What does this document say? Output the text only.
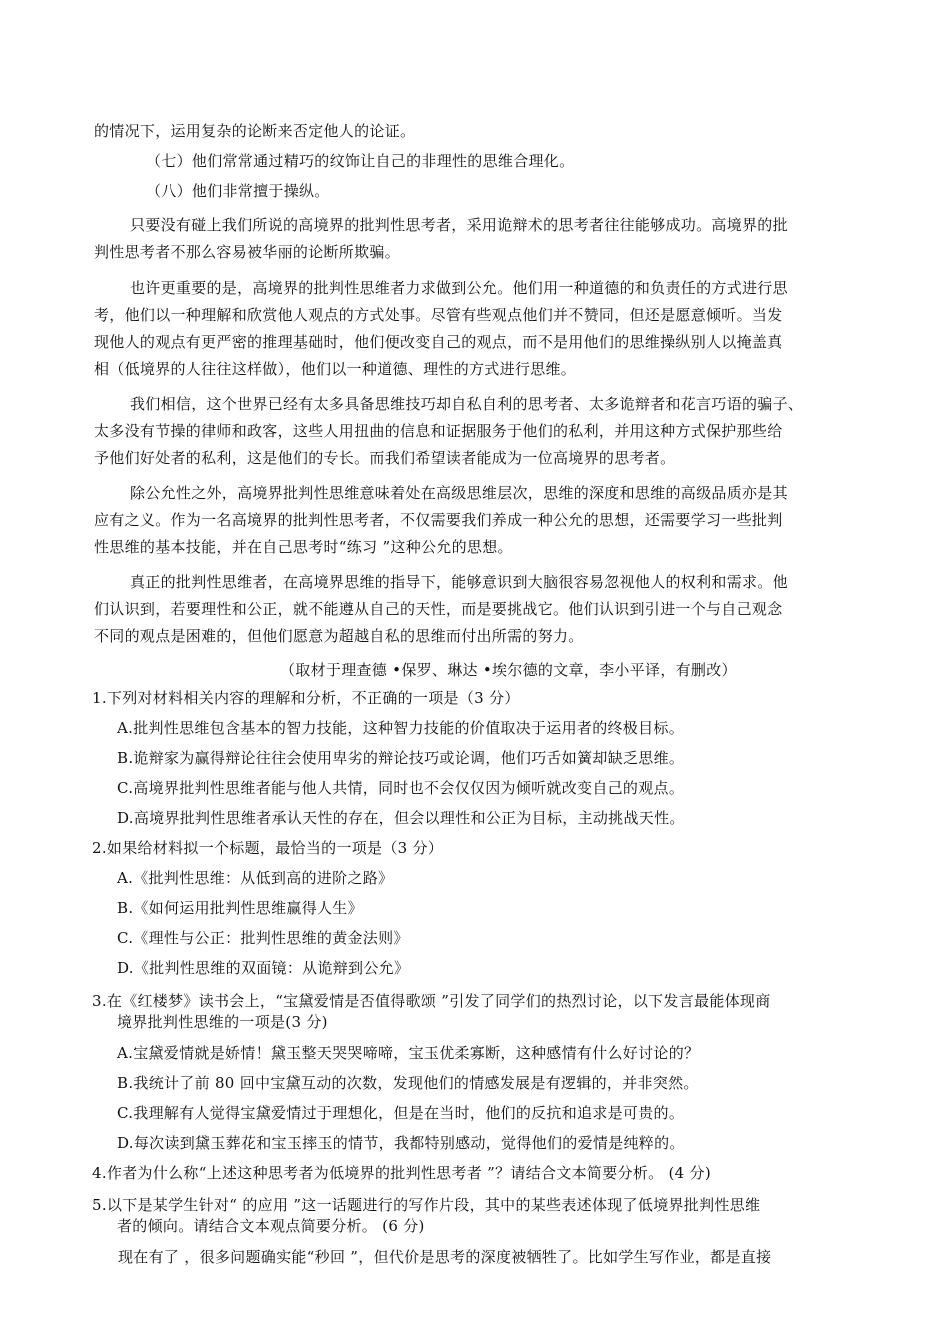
的情况下，运用复杂的论断来否定他人的论证。
（七）他们常常通过精巧的纹饰让自己的非理性的思维合理化。
（八）他们非常擅于操纵。
只要没有碰上我们所说的高境界的批判性思考者，采用诡辩术的思考者往往能够成功。高境界的批
判性思考者不那么容易被华丽的论断所欺骗。
也许更重要的是，高境界的批判性思维者力求做到公允。他们用一种道德的和负责任的方式进行思
考，他们以一种理解和欣赏他人观点的方式处事。尽管有些观点他们并不赞同，但还是愿意倾听。当发
现他人的观点有更严密的推理基础时，他们便改变自己的观点，而不是用他们的思维操纵别人以掩盖真
相（低境界的人往往这样做），他们以一种道德、理性的方式进行思维。
我们相信，这个世界已经有太多具备思维技巧却自私自利的思考者、太多诡辩者和花言巧语的骗子、
太多没有节操的律师和政客，这些人用扭曲的信息和证据服务于他们的私利，并用这种方式保护那些给
予他们好处者的私利，这是他们的专长。而我们希望读者能成为一位高境界的思考者。
除公允性之外，高境界批判性思维意味着处在高级思维层次，思维的深度和思维的高级品质亦是其
应有之义。作为一名高境界的批判性思考者，不仅需要我们养成一种公允的思想，还需要学习一些批判
性思维的基本技能，并在自己思考时“练习 ”这种公允的思想。
真正的批判性思维者，在高境界思维的指导下，能够意识到大脑很容易忽视他人的权利和需求。他
们认识到，若要理性和公正，就不能遵从自己的天性，而是要挑战它。他们认识到引进一个与自己观念
不同的观点是困难的，但他们愿意为超越自私的思维而付出所需的努力。
（取材于理查德 •保罗、琳达 •埃尔德的文章，李小平译，有删改）
1.下列对材料相关内容的理解和分析，不正确的一项是（3 分）
A.批判性思维包含基本的智力技能，这种智力技能的价值取决于运用者的终极目标。
B.诡辩家为赢得辩论往往会使用卑劣的辩论技巧或论调，他们巧舌如簧却缺乏思维。
C.高境界批判性思维者能与他人共情，同时也不会仅仅因为倾听就改变自己的观点。
D.高境界批判性思维者承认天性的存在，但会以理性和公正为目标，主动挑战天性。
2.如果给材料拟一个标题，最恰当的一项是（3 分）
A.《批判性思维：从低到高的进阶之路》
B.《如何运用批判性思维赢得人生》
C.《理性与公正：批判性思维的黄金法则》
D.《批判性思维的双面镜：从诡辩到公允》
3.在《红楼梦》读书会上，“宝黛爱情是否值得歌颂 ”引发了同学们的热烈讨论，以下发言最能体现商
境界批判性思维的一项是(3 分)
A.宝黛爱情就是娇情！黛玉整天哭哭啼啼，宝玉优柔寡断，这种感情有什么好讨论的？
B.我统计了前 80 回中宝黛互动的次数，发现他们的情感发展是有逻辑的，并非突然。
C.我理解有人觉得宝黛爱情过于理想化，但是在当时，他们的反抗和追求是可贵的。
D.每次读到黛玉葬花和宝玉摔玉的情节，我都特别感动，觉得他们的爱情是纯粹的。
4.作者为什么称“上述这种思考者为低境界的批判性思考者 ”？请结合文本简要分析。 (4 分)
5.以下是某学生针对“ 的应用 ”这一话题进行的写作片段，其中的某些表述体现了低境界批判性思维
者的倾向。请结合文本观点简要分析。 (6 分)
现在有了 ，很多问题确实能“秒回 ”，但代价是思考的深度被牺牲了。比如学生写作业，都是直接
